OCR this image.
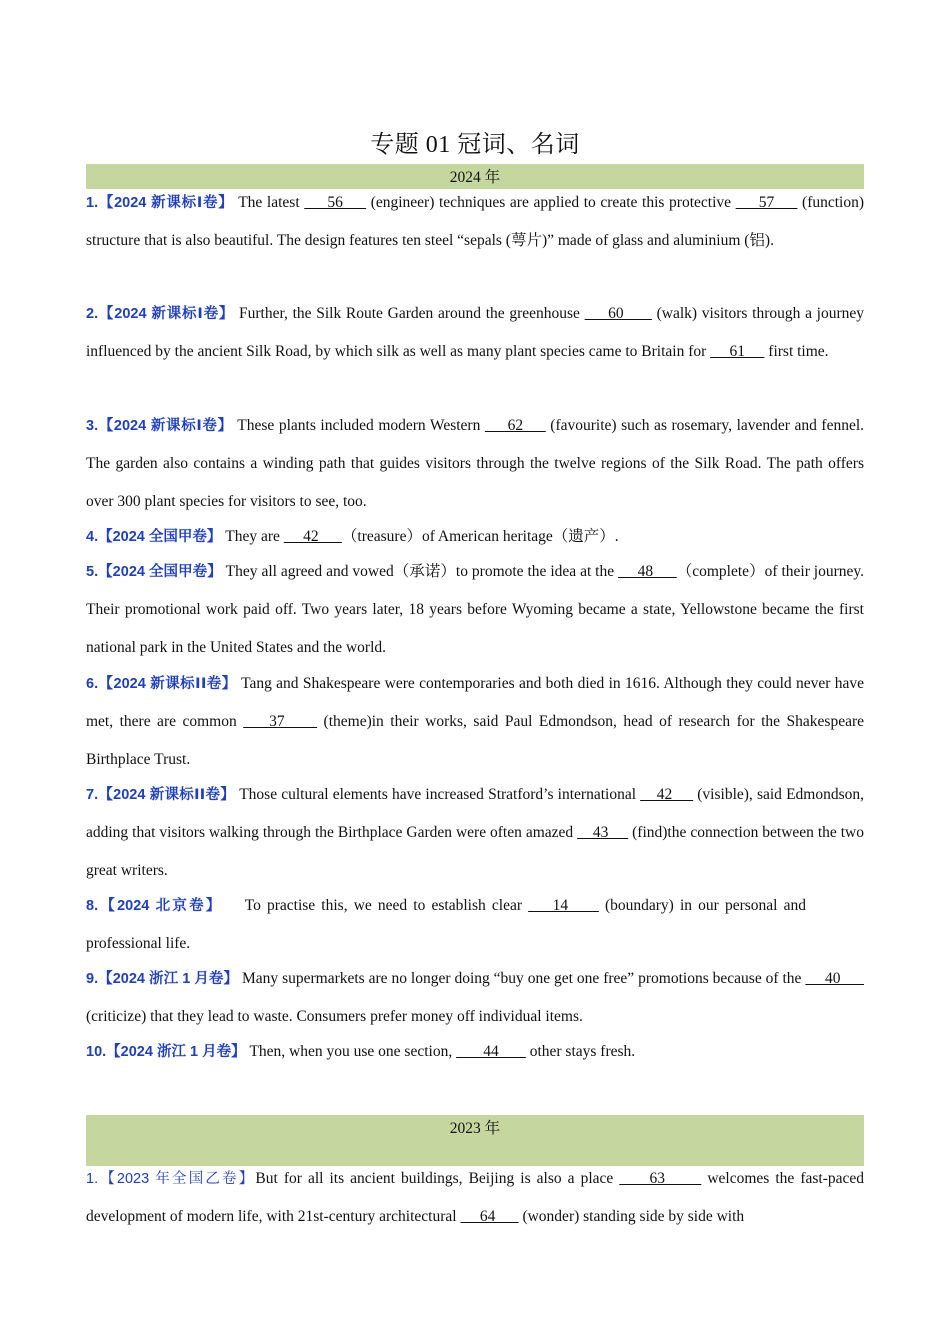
专题 01 冠词、名词
2024 年

1.【2024 新课标Ⅰ卷】 The latest      56      (engineer) techniques are applied to create this protective      57      (function) structure that is also beautiful. The design features ten steel “sepals (萼片)” made of glass and aluminium (铝).

2.【2024 新课标Ⅰ卷】 Further, the Silk Route Garden around the greenhouse      60       (walk) visitors through a journey influenced by the ancient Silk Road, by which silk as well as many plant species came to Britain for      61      first time.

3.【2024 新课标Ⅰ卷】 These plants included modern Western      62      (favourite) such as rosemary, lavender and fennel. The garden also contains a winding path that guides visitors through the twelve regions of the Silk Road. The path offers over 300 plant species for visitors to see, too.

4.【2024 全国甲卷】 They are      42      （treasure）of American heritage（遗产）.

5.【2024 全国甲卷】 They all agreed and vowed（承诺）to promote the idea at the      48      （complete）of their journey. Their promotional work paid off. Two years later, 18 years before Wyoming became a state, Yellowstone became the first national park in the United States and the world.

6.【2024 新课标ⅠⅠ卷】 Tang and Shakespeare were contemporaries and both died in 1616. Although they could never have met, there are common     37      (theme)in their works, said Paul Edmondson, head of research for the Shakespeare Birthplace Trust.

7.【2024 新课标ⅠⅠ卷】 Those cultural elements have increased Stratford’s international     42      (visible), said Edmondson, adding that visitors walking through the Birthplace Garden were often amazed     43      (find)the connection between the two great writers.

8.【2024 北京卷】 To practise this, we need to establish clear     14      (boundary) in our personal and professional life.

9.【2024 浙江 1 月卷】 Many supermarkets are no longer doing “buy one get one free” promotions because of the      40       (criticize) that they lead to waste. Consumers prefer money off individual items.

10.【2024 浙江 1 月卷】 Then, when you use one section,        44        other stays fresh.

2023 年

1.【2023 年全国乙卷】But for all its ancient buildings, Beijing is also a place      63       welcomes the fast-paced development of modern life, with 21st-century architectural      64       (wonder) standing side by side with
